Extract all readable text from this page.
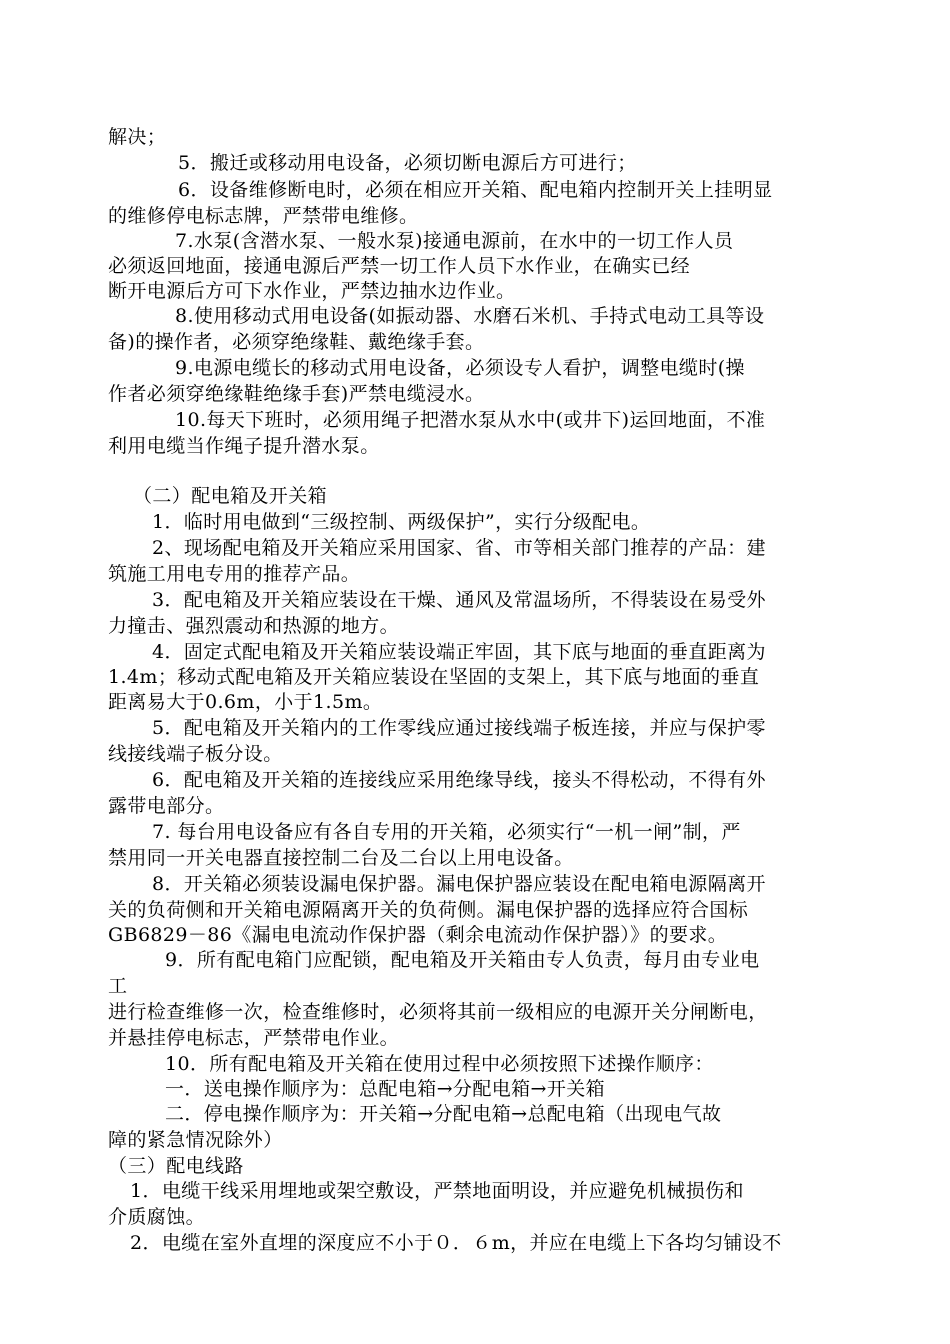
解决；
5．搬迁或移动用电设备，必须切断电源后方可进行；
6．设备维修断电时，必须在相应开关箱、配电箱内控制开关上挂明显
的维修停电标志牌，严禁带电维修。
7.水泵(含潜水泵、一般水泵)接通电源前，在水中的一切工作人员
必须返回地面，接通电源后严禁一切工作人员下水作业，在确实已经
断开电源后方可下水作业，严禁边抽水边作业。
8.使用移动式用电设备(如振动器、水磨石米机、手持式电动工具等设
备)的操作者，必须穿绝缘鞋、戴绝缘手套。
9.电源电缆长的移动式用电设备，必须设专人看护，调整电缆时(操
作者必须穿绝缘鞋绝缘手套)严禁电缆浸水。
10.每天下班时，必须用绳子把潜水泵从水中(或井下)运回地面，不准
利用电缆当作绳子提升潜水泵。
（二）配电箱及开关箱
1．临时用电做到“三级控制、两级保护”，实行分级配电。
2、现场配电箱及开关箱应采用国家、省、市等相关部门推荐的产品：建
筑施工用电专用的推荐产品。
3．配电箱及开关箱应装设在干燥、通风及常温场所，不得装设在易受外
力撞击、强烈震动和热源的地方。
4．固定式配电箱及开关箱应装设端正牢固，其下底与地面的垂直距离为
1.4m；移动式配电箱及开关箱应装设在坚固的支架上，其下底与地面的垂直
距离易大于0.6m，小于1.5m。
5．配电箱及开关箱内的工作零线应通过接线端子板连接，并应与保护零
线接线端子板分设。
6．配电箱及开关箱的连接线应采用绝缘导线，接头不得松动，不得有外
露带电部分。
7. 每台用电设备应有各自专用的开关箱，必须实行“一机一闸”制，严
禁用同一开关电器直接控制二台及二台以上用电设备。
8．开关箱必须装设漏电保护器。漏电保护器应装设在配电箱电源隔离开
关的负荷侧和开关箱电源隔离开关的负荷侧。漏电保护器的选择应符合国标
GB6829－86《漏电电流动作保护器（剩余电流动作保护器）》的要求。
9．所有配电箱门应配锁，配电箱及开关箱由专人负责，每月由专业电
工
进行检查维修一次，检查维修时，必须将其前一级相应的电源开关分闸断电，
并悬挂停电标志，严禁带电作业。
10．所有配电箱及开关箱在使用过程中必须按照下述操作顺序：
一．送电操作顺序为：总配电箱→分配电箱→开关箱
二．停电操作顺序为：开关箱→分配电箱→总配电箱（出现电气故
障的紧急情况除外）
（三）配电线路
1．电缆干线采用埋地或架空敷设，严禁地面明设，并应避免机械损伤和
介质腐蚀。
2．电缆在室外直埋的深度应不小于０．６m，并应在电缆上下各均匀铺设不
